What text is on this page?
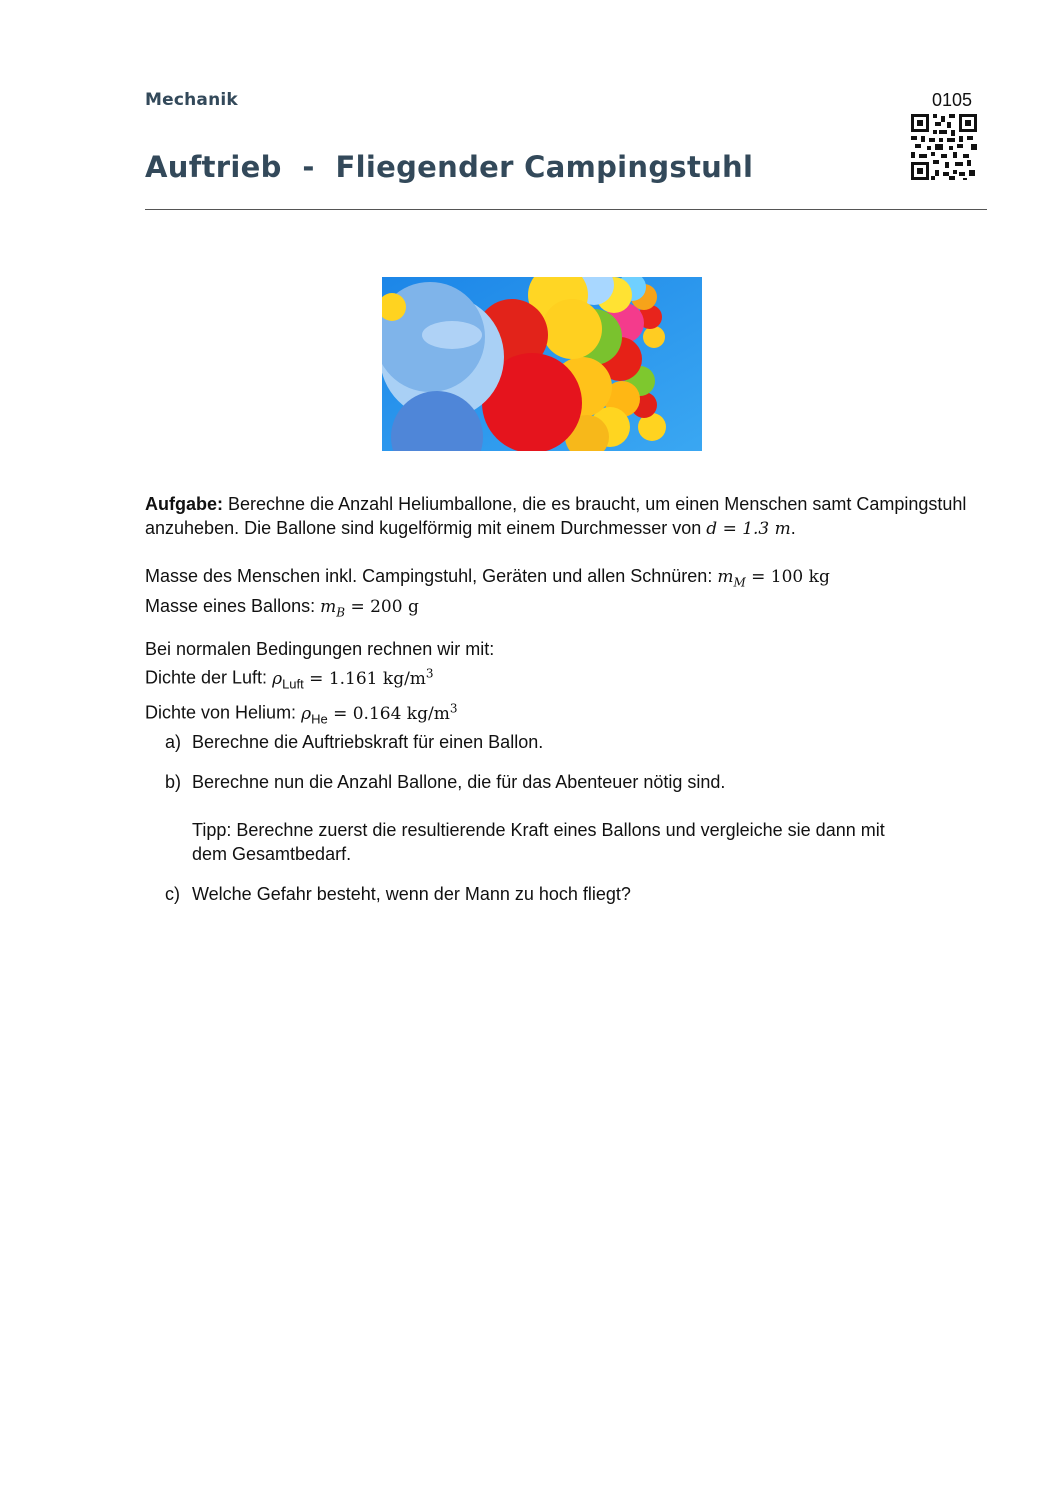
Mechanik	0105
Auftrieb  -  Fliegender Campingstuhl
Aufgabe: Berechne die Anzahl Heliumballone, die es braucht, um einen Menschen samt Campingstuhl
anzuheben. Die Ballone sind kugelförmig mit einem Durchmesser von d = 1.3 m.
Masse des Menschen inkl. Campingstuhl, Geräten und allen Schnüren: $m_M = 100$ kg
Masse eines Ballons: $m_B = 200$ g
Bei normalen Bedingungen rechnen wir mit:
Dichte der Luft: $\rho_{Luft} = 1.161$ $kg/m^3$
Dichte von Helium: $\rho_{He} = 0.164$ $kg/m^3$
a) Berechne die Auftriebskraft für einen Ballon.
b) Berechne nun die Anzahl Ballone, die für das Abenteuer nötig sind.
Tipp: Berechne zuerst die resultierende Kraft eines Ballons und vergleiche sie dann mit
dem Gesamtbedarf.
c) Welche Gefahr besteht, wenn der Mann zu hoch fliegt?
